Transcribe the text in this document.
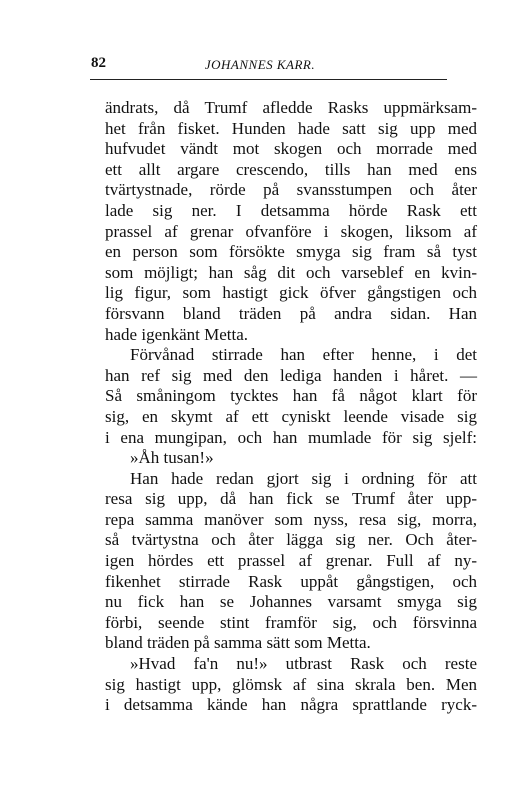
82	JOHANNES KARR.
ändrats, då Trumf afledde Rasks uppmärksam-
het från fisket. Hunden hade satt sig upp med
hufvudet vändt mot skogen och morrade med
ett allt argare crescendo, tills han med ens
tvärtystnade, rörde på svansstumpen och åter
lade sig ner. I detsamma hörde Rask ett
prassel af grenar ofvanföre i skogen, liksom af
en person som försökte smyga sig fram så tyst
som möjligt; han såg dit och varseblef en kvin-
lig figur, som hastigt gick öfver gångstigen och
försvann bland träden på andra sidan. Han
hade igenkänt Metta.
Förvånad stirrade han efter henne, i det
han ref sig med den lediga handen i håret. —
Så småningom tycktes han få något klart för
sig, en skymt af ett cyniskt leende visade sig
i ena mungipan, och han mumlade för sig sjelf:
»Åh tusan!»
Han hade redan gjort sig i ordning för att
resa sig upp, då han fick se Trumf åter upp-
repa samma manöver som nyss, resa sig, morra,
så tvärtystna och åter lägga sig ner. Och åter-
igen hördes ett prassel af grenar. Full af ny-
fikenhet stirrade Rask uppåt gångstigen, och
nu fick han se Johannes varsamt smyga sig
förbi, seende stint framför sig, och försvinna
bland träden på samma sätt som Metta.
»Hvad fa'n nu!» utbrast Rask och reste
sig hastigt upp, glömsk af sina skrala ben. Men
i detsamma kände han några sprattlande ryck-
